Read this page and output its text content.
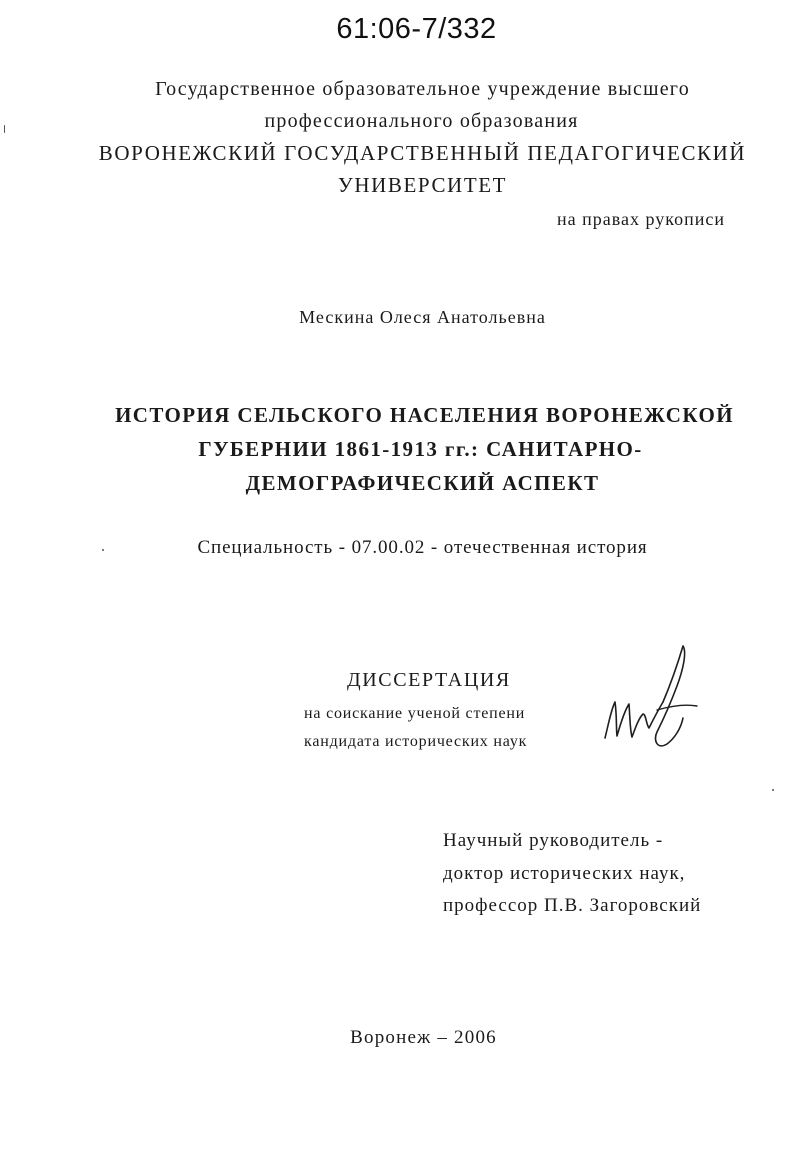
61:06-7/332
Государственное образовательное учреждение высшего
профессионального образования
ВОРОНЕЖСКИЙ ГОСУДАРСТВЕННЫЙ ПЕДАГОГИЧЕСКИЙ
УНИВЕРСИТЕТ
на правах рукописи
Мескина Олеся Анатольевна
ИСТОРИЯ СЕЛЬСКОГО НАСЕЛЕНИЯ ВОРОНЕЖСКОЙ
ГУБЕРНИИ 1861-1913 гг.: САНИТАРНО-
ДЕМОГРАФИЧЕСКИЙ АСПЕКТ
Специальность - 07.00.02 - отечественная история
ДИССЕРТАЦИЯ
на соискание ученой степени
кандидата исторических наук
Научный руководитель -
доктор исторических наук,
профессор П.В. Загоровский
Воронеж – 2006
